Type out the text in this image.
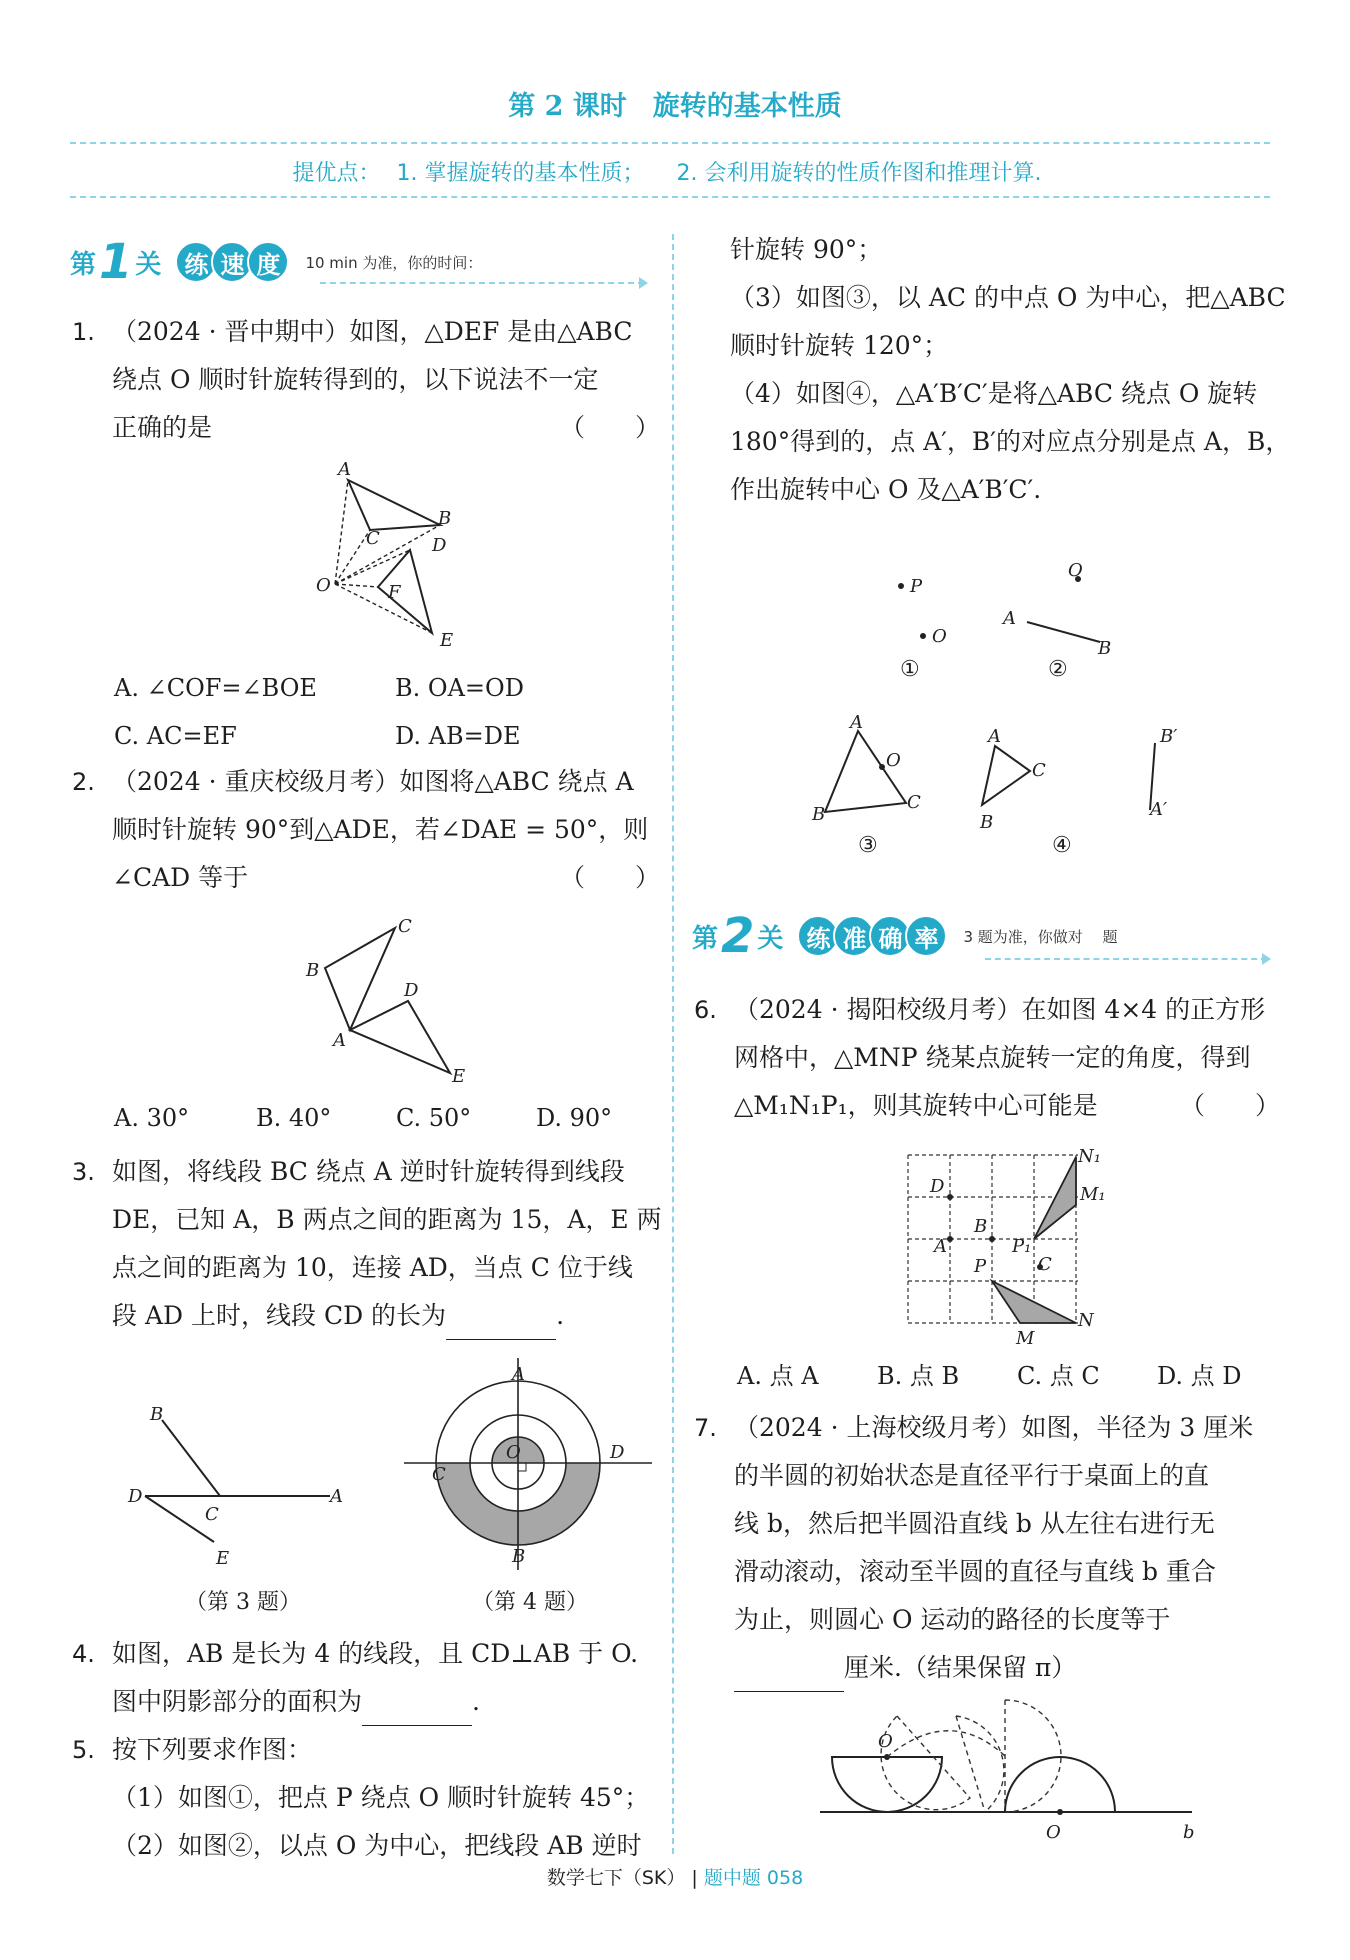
第 2 课时 旋转的基本性质
提优点： 1. 掌握旋转的基本性质； 2. 会利用旋转的性质作图和推理计算.
第 1 关 练 速 度	10 min 为准，你的时间：
1. （2024 · 晋中期中）如图，△DEF 是由△ABC
绕点 O 顺时针旋转得到的，以下说法不一定
正确的是	（　　）
A
B
C	D
O	F
E
A. ∠COF=∠BOE	B. OA=OD
C. AC=EF	D. AB=DE
2. （2024 · 重庆校级月考）如图将△ABC 绕点 A
顺时针旋转 90°到△ADE，若∠DAE = 50°，则
∠CAD 等于	（　　）
B
C
D
A
E
A. 30°	B. 40°	C. 50°	D. 90°
3. 如图，将线段 BC 绕点 A 逆时针旋转得到线段
DE，已知 A，B 两点之间的距离为 15，A，E 两
点之间的距离为 10，连接 AD，当点 C 位于线
段 AD 上时，线段 CD 的长为	.
B
D
C
A
E
（第 3 题）
A
B
C
D
O
（第 4 题）
4. 如图，AB 是长为 4 的线段，且 CD⊥AB 于 O.
图中阴影部分的面积为	.
5. 按下列要求作图：
（1）如图①，把点 P 绕点 O 顺时针旋转 45°；
（2）如图②，以点 O 为中心，把线段 AB 逆时
针旋转 90°；
（3）如图③，以 AC 的中点 O 为中心，把△ABC
顺时针旋转 120°；
（4）如图④，△A′B′C′是将△ABC 绕点 O 旋转
180°得到的，点 A′，B′的对应点分别是点 A，B，
作出旋转中心 O 及△A′B′C′.
P
O
①
O
A
B
②
A
O
B
C
③
A
C
B
B′
A′
④
第 2 关 练 准 确 率	3 题为准，你做对　 题
6. （2024 · 揭阳校级月考）在如图 4×4 的正方形
网格中，△MNP 绕某点旋转一定的角度，得到
△M₁N₁P₁，则其旋转中心可能是	（　　）
D
A
B
C
P
P₁
M
N
N₁
M₁
A. 点 A B. 点 B C. 点 C D. 点 D
7. （2024 · 上海校级月考）如图，半径为 3 厘米
的半圆的初始状态是直径平行于桌面上的直
线 b，然后把半圆沿直线 b 从左往右进行无
滑动滚动，滚动至半圆的直径与直线 b 重合
为止，则圆心 O 运动的路径的长度等于
厘米.（结果保留 π）
O
O	b
数学七下（SK） | 题中题 058
